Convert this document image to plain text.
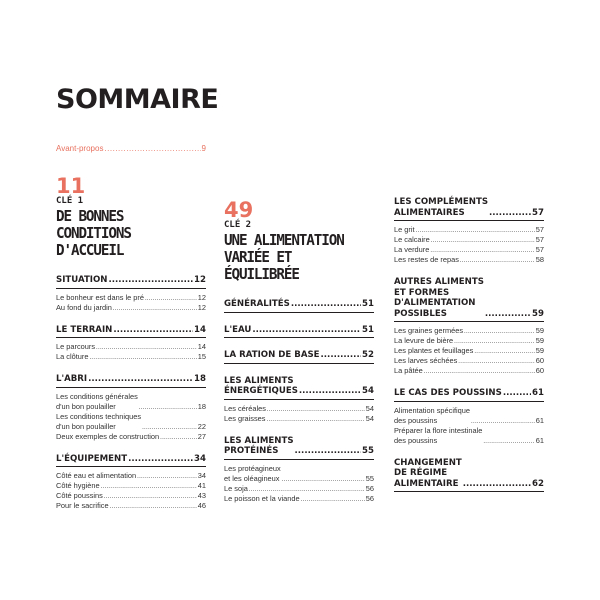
SOMMAIRE
Avant-propos .....	9
11
CLÉ 1
DE BONNES
CONDITIONS
D'ACCUEIL
SITUATION .....	12
Le bonheur est dans le pré .....	12
Au fond du jardin .....	12
LE TERRAIN .....	14
Le parcours .....	14
La clôture .....	15
L'ABRI .....	18
Les conditions générales
d'un bon poulailler .....	18
Les conditions techniques
d'un bon poulailler .....	22
Deux exemples de construction .....	27
L'ÉQUIPEMENT .....	34
Côté eau et alimentation .....	34
Côté hygiène .....	41
Côté poussins .....	43
Pour le sacrifice .....	46
49
CLÉ 2
UNE ALIMENTATION
VARIÉE ET
ÉQUILIBRÉE
GÉNÉRALITÉS .....	51
L'EAU .....	51
LA RATION DE BASE .....	52
LES ALIMENTS
ÉNERGÉTIQUES .....	54
Les céréales .....	54
Les graisses .....	54
LES ALIMENTS
PROTÉINÉS .....	55
Les protéagineux
et les oléagineux .....	55
Le soja .....	56
Le poisson et la viande .....	56
LES COMPLÉMENTS
ALIMENTAIRES .....	57
Le grit .....	57
Le calcaire .....	57
La verdure .....	57
Les restes de repas .....	58
AUTRES ALIMENTS
ET FORMES
D'ALIMENTATION
POSSIBLES .....	59
Les graines germées .....	59
La levure de bière .....	59
Les plantes et feuillages .....	59
Les larves séchées .....	60
La pâtée .....	60
LE CAS DES POUSSINS .....	61
Alimentation spécifique
des poussins .....	61
Préparer la flore intestinale
des poussins .....	61
CHANGEMENT
DE RÉGIME
ALIMENTAIRE .....	62
